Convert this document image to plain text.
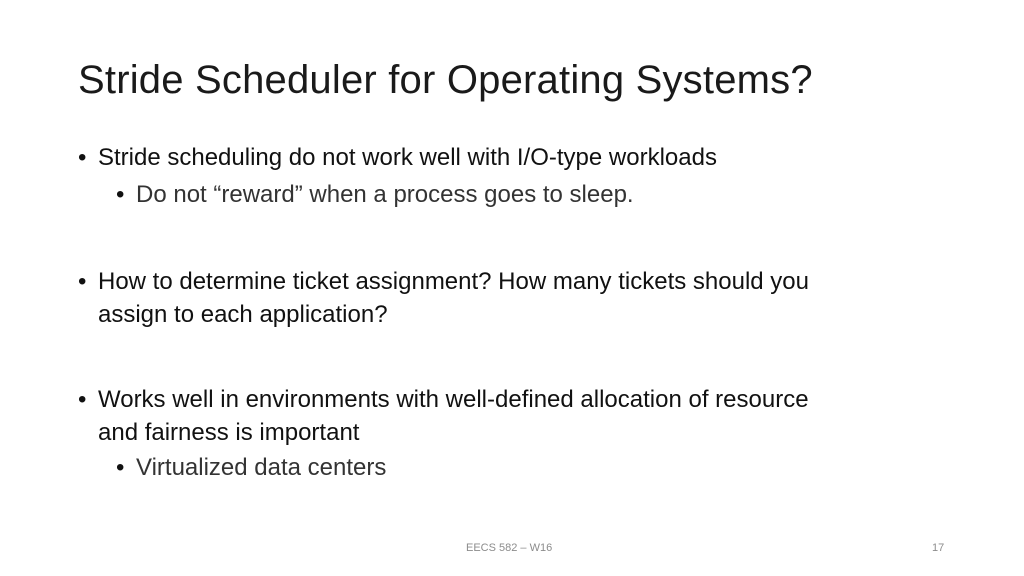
Stride Scheduler for Operating Systems?
• Stride scheduling do not work well with I/O-type workloads
• Do not “reward” when a process goes to sleep.
• How to determine ticket assignment? How many tickets should you
assign to each application?
• Works well in environments with well-defined allocation of resource
and fairness is important
• Virtualized data centers
EECS 582 – W16	17
